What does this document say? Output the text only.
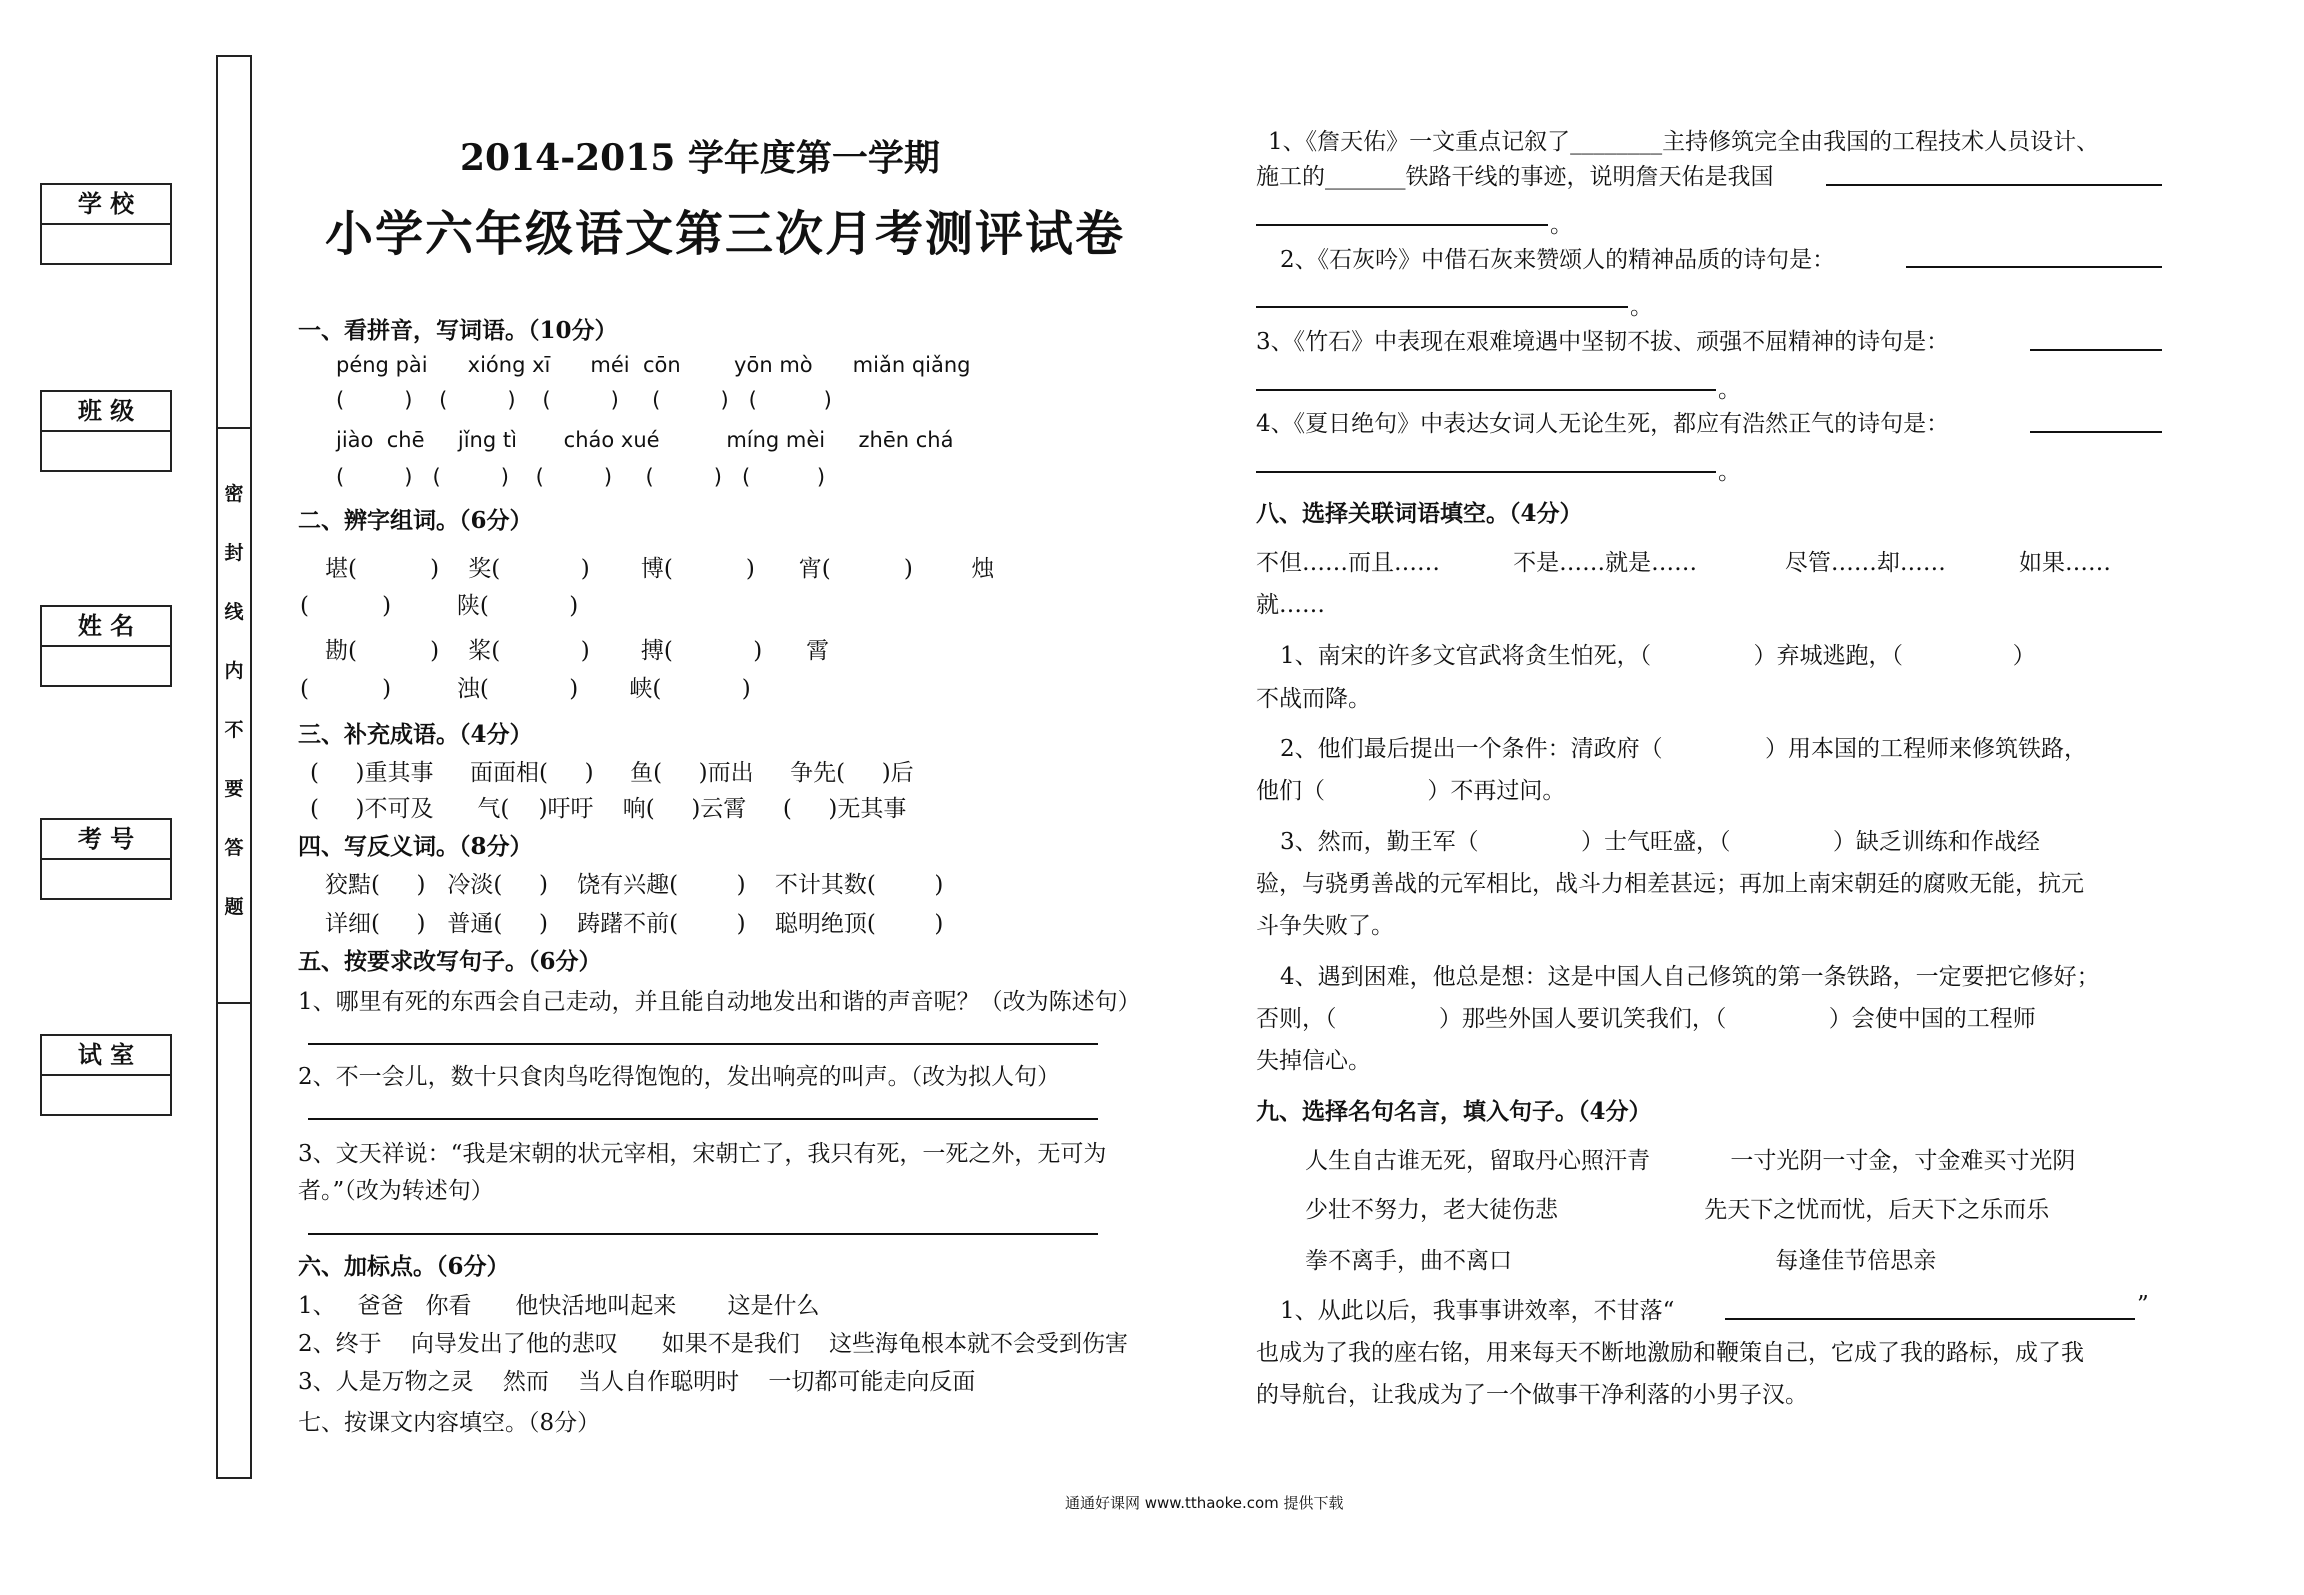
学 校
班 级
姓 名
考 号
试 室
密
封
线
内
不
要
答
题
2014-2015 学年度第一学期
小学六年级语文第三次月考测评试卷
一、看拼音，写词语。（10分）
péng pài      xióng xī      méi  cōn        yōn mò      miǎn qiǎng
(         )    (         )    (         )     (         )   (          )
jiào  chē     jǐng tì       cháo xué          míng mèi     zhēn chá
(         )   (         )    (         )     (         )   (          )
二、辨字组词。（6分）
堪(          )    奖(           )       博(          )      宵(          )        烛
(          )         陕(           )
勘(          )    桨(           )       搏(           )      霄
(          )         浊(           )       峡(           )
三、补充成语。（4分）
(     )重其事     面面相(     )     鱼(     )而出     争先(     )后
(     )不可及      气(    )吁吁    响(     )云霄     (     )无其事
四、写反义词。（8分）
狡黠(     )   冷淡(     )    饶有兴趣(        )    不计其数(        )
详细(     )   普通(     )    踌躇不前(        )    聪明绝顶(        )
五、按要求改写句子。（6分）
1、哪里有死的东西会自己走动，并且能自动地发出和谐的声音呢？（改为陈述句）
2、不一会儿，数十只食肉鸟吃得饱饱的，发出响亮的叫声。（改为拟人句）
3、文天祥说：“我是宋朝的状元宰相，宋朝亡了，我只有死，一死之外，无可为
者。”（改为转述句）
六、加标点。（6分）
1、   爸爸   你看      他快活地叫起来       这是什么
2、终于    向导发出了他的悲叹      如果不是我们    这些海龟根本就不会受到伤害
3、人是万物之灵    然而    当人自作聪明时    一切都可能走向反面
七、按课文内容填空。（8分）
1、《詹天佑》一文重点记叙了________主持修筑完全由我国的工程技术人员设计、
施工的_______铁路干线的事迹，说明詹天佑是我国
。
2、《石灰吟》中借石灰来赞颂人的精神品质的诗句是：
。
3、《竹石》中表现在艰难境遇中坚韧不拔、顽强不屈精神的诗句是：
。
4、《夏日绝句》中表达女词人无论生死，都应有浩然正气的诗句是：
。
八、选择关联词语填空。（4分）
不但……而且……          不是……就是……            尽管……却……          如果……
就……
1、南宋的许多文官武将贪生怕死，（              ）弃城逃跑，（               ）
不战而降。
2、他们最后提出一个条件：清政府（              ）用本国的工程师来修筑铁路，
他们（              ）不再过问。
3、然而，勤王军（              ）士气旺盛，（              ）缺乏训练和作战经
验，与骁勇善战的元军相比，战斗力相差甚远；再加上南宋朝廷的腐败无能，抗元
斗争失败了。
4、遇到困难，他总是想：这是中国人自己修筑的第一条铁路，一定要把它修好；
否则，（              ）那些外国人要讥笑我们，（              ）会使中国的工程师
失掉信心。
九、选择名句名言，填入句子。（4分）
人生自古谁无死，留取丹心照汗青           一寸光阴一寸金，寸金难买寸光阴
少壮不努力，老大徒伤悲                    先天下之忧而忧，后天下之乐而乐
拳不离手，曲不离口                                    每逢佳节倍思亲
1、从此以后，我事事讲效率，不甘落“	”
也成为了我的座右铭，用来每天不断地激励和鞭策自己，它成了我的路标，成了我
的导航台，让我成为了一个做事干净利落的小男子汉。
通通好课网 www.tthaoke.com 提供下载
